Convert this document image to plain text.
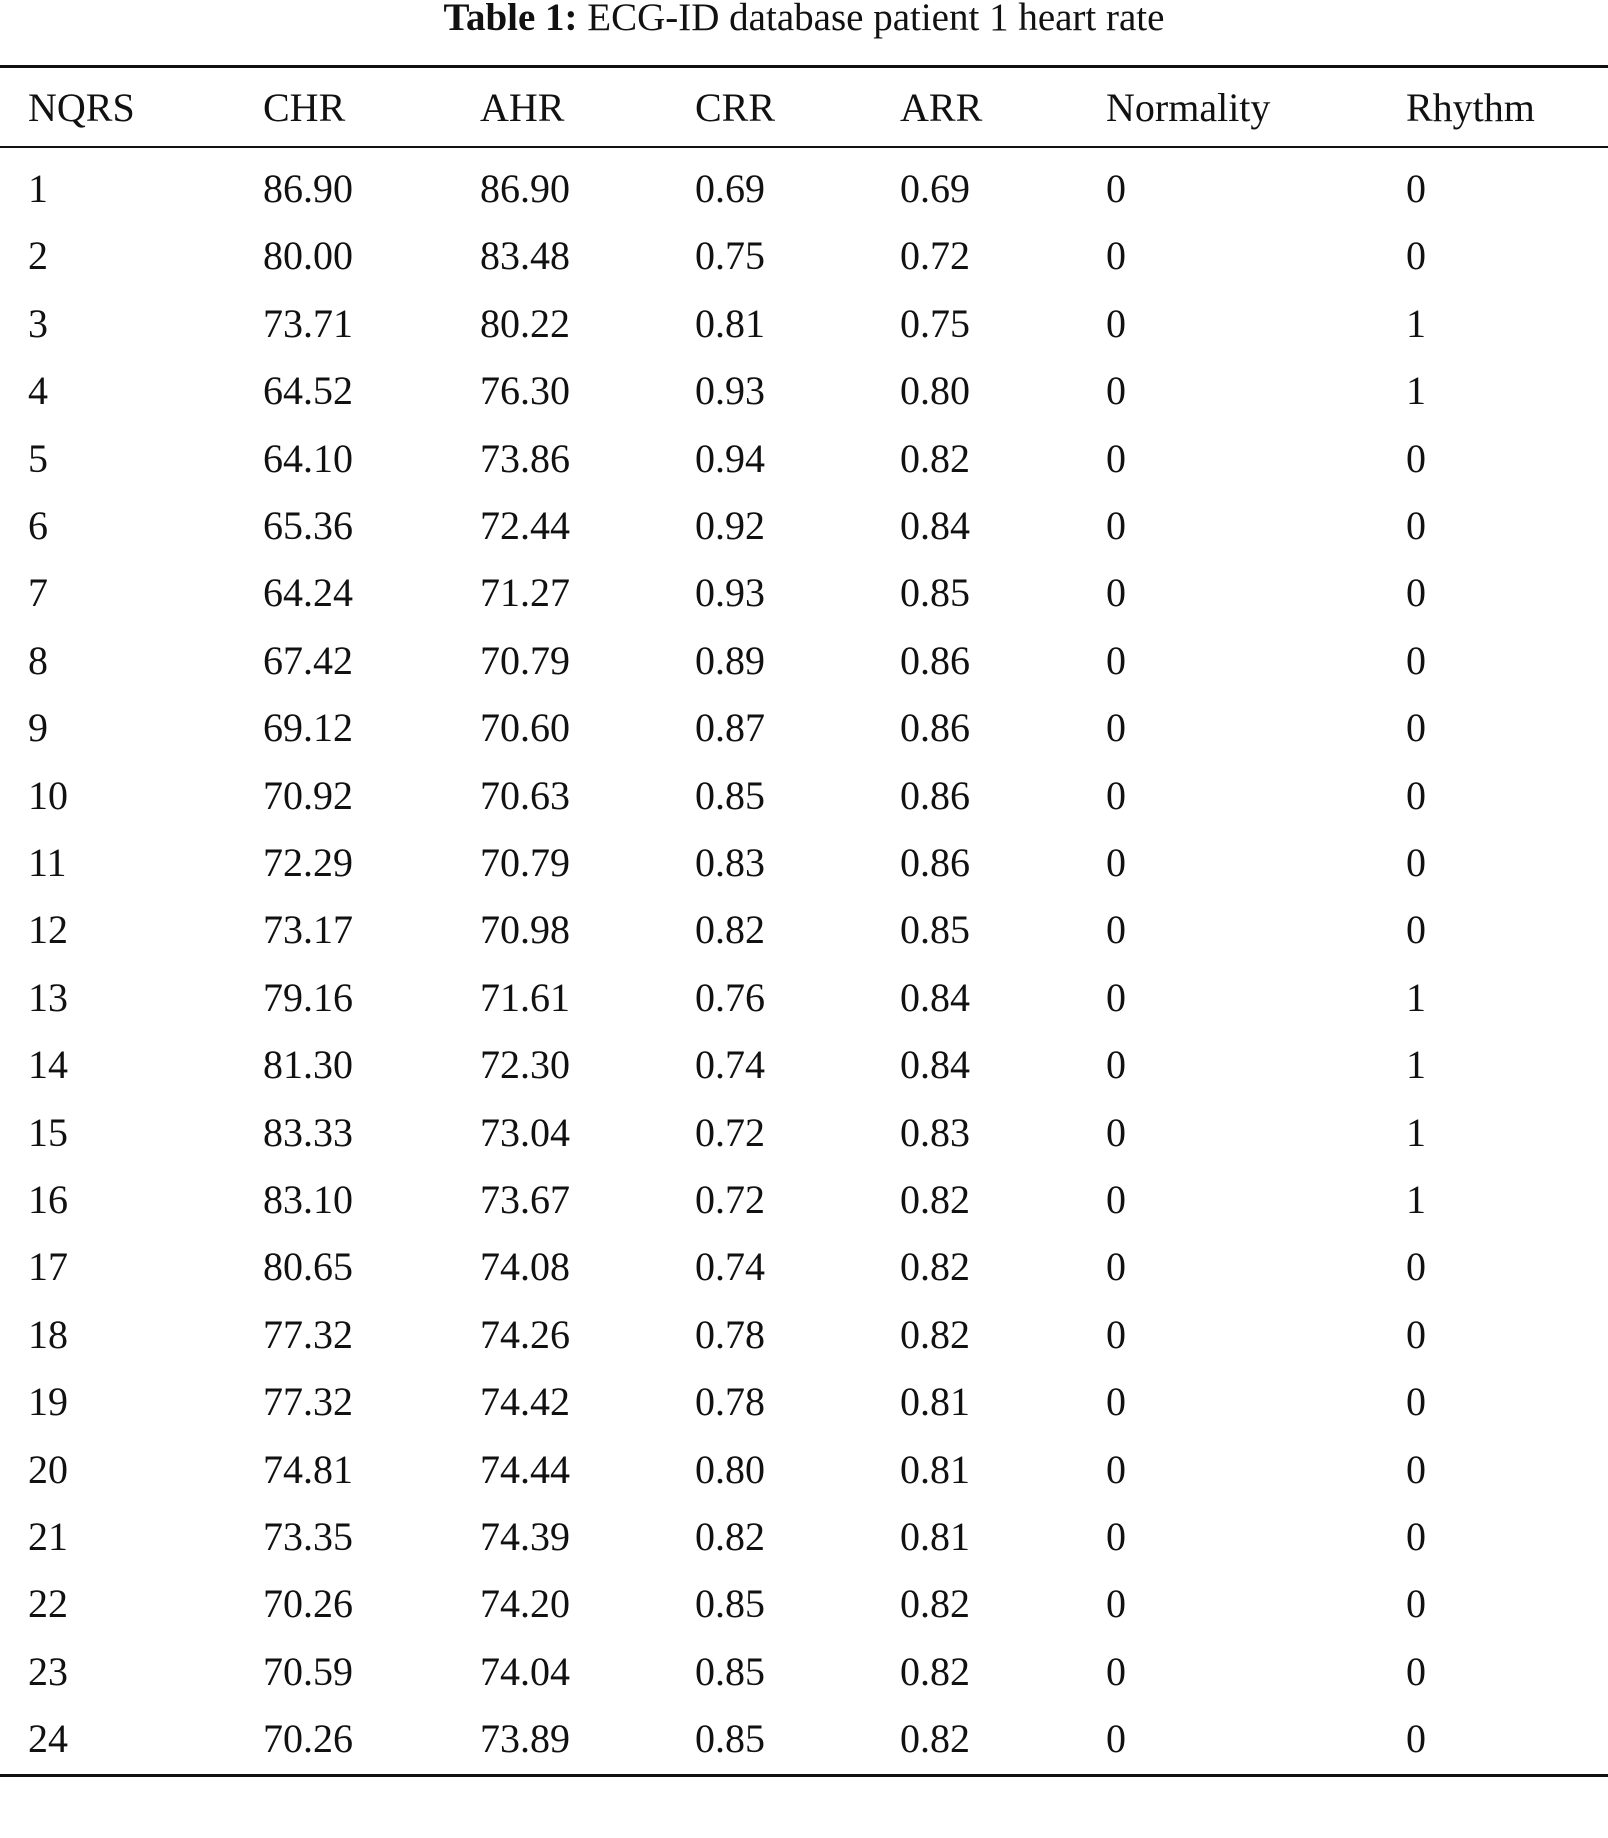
Table 1: ECG-ID database patient 1 heart rate
NQRS	CHR	AHR	CRR	ARR	Normality	Rhythm
1	86.90	86.90	0.69	0.69	0	0
2	80.00	83.48	0.75	0.72	0	0
3	73.71	80.22	0.81	0.75	0	1
4	64.52	76.30	0.93	0.80	0	1
5	64.10	73.86	0.94	0.82	0	0
6	65.36	72.44	0.92	0.84	0	0
7	64.24	71.27	0.93	0.85	0	0
8	67.42	70.79	0.89	0.86	0	0
9	69.12	70.60	0.87	0.86	0	0
10	70.92	70.63	0.85	0.86	0	0
11	72.29	70.79	0.83	0.86	0	0
12	73.17	70.98	0.82	0.85	0	0
13	79.16	71.61	0.76	0.84	0	1
14	81.30	72.30	0.74	0.84	0	1
15	83.33	73.04	0.72	0.83	0	1
16	83.10	73.67	0.72	0.82	0	1
17	80.65	74.08	0.74	0.82	0	0
18	77.32	74.26	0.78	0.82	0	0
19	77.32	74.42	0.78	0.81	0	0
20	74.81	74.44	0.80	0.81	0	0
21	73.35	74.39	0.82	0.81	0	0
22	70.26	74.20	0.85	0.82	0	0
23	70.59	74.04	0.85	0.82	0	0
24	70.26	73.89	0.85	0.82	0	0
